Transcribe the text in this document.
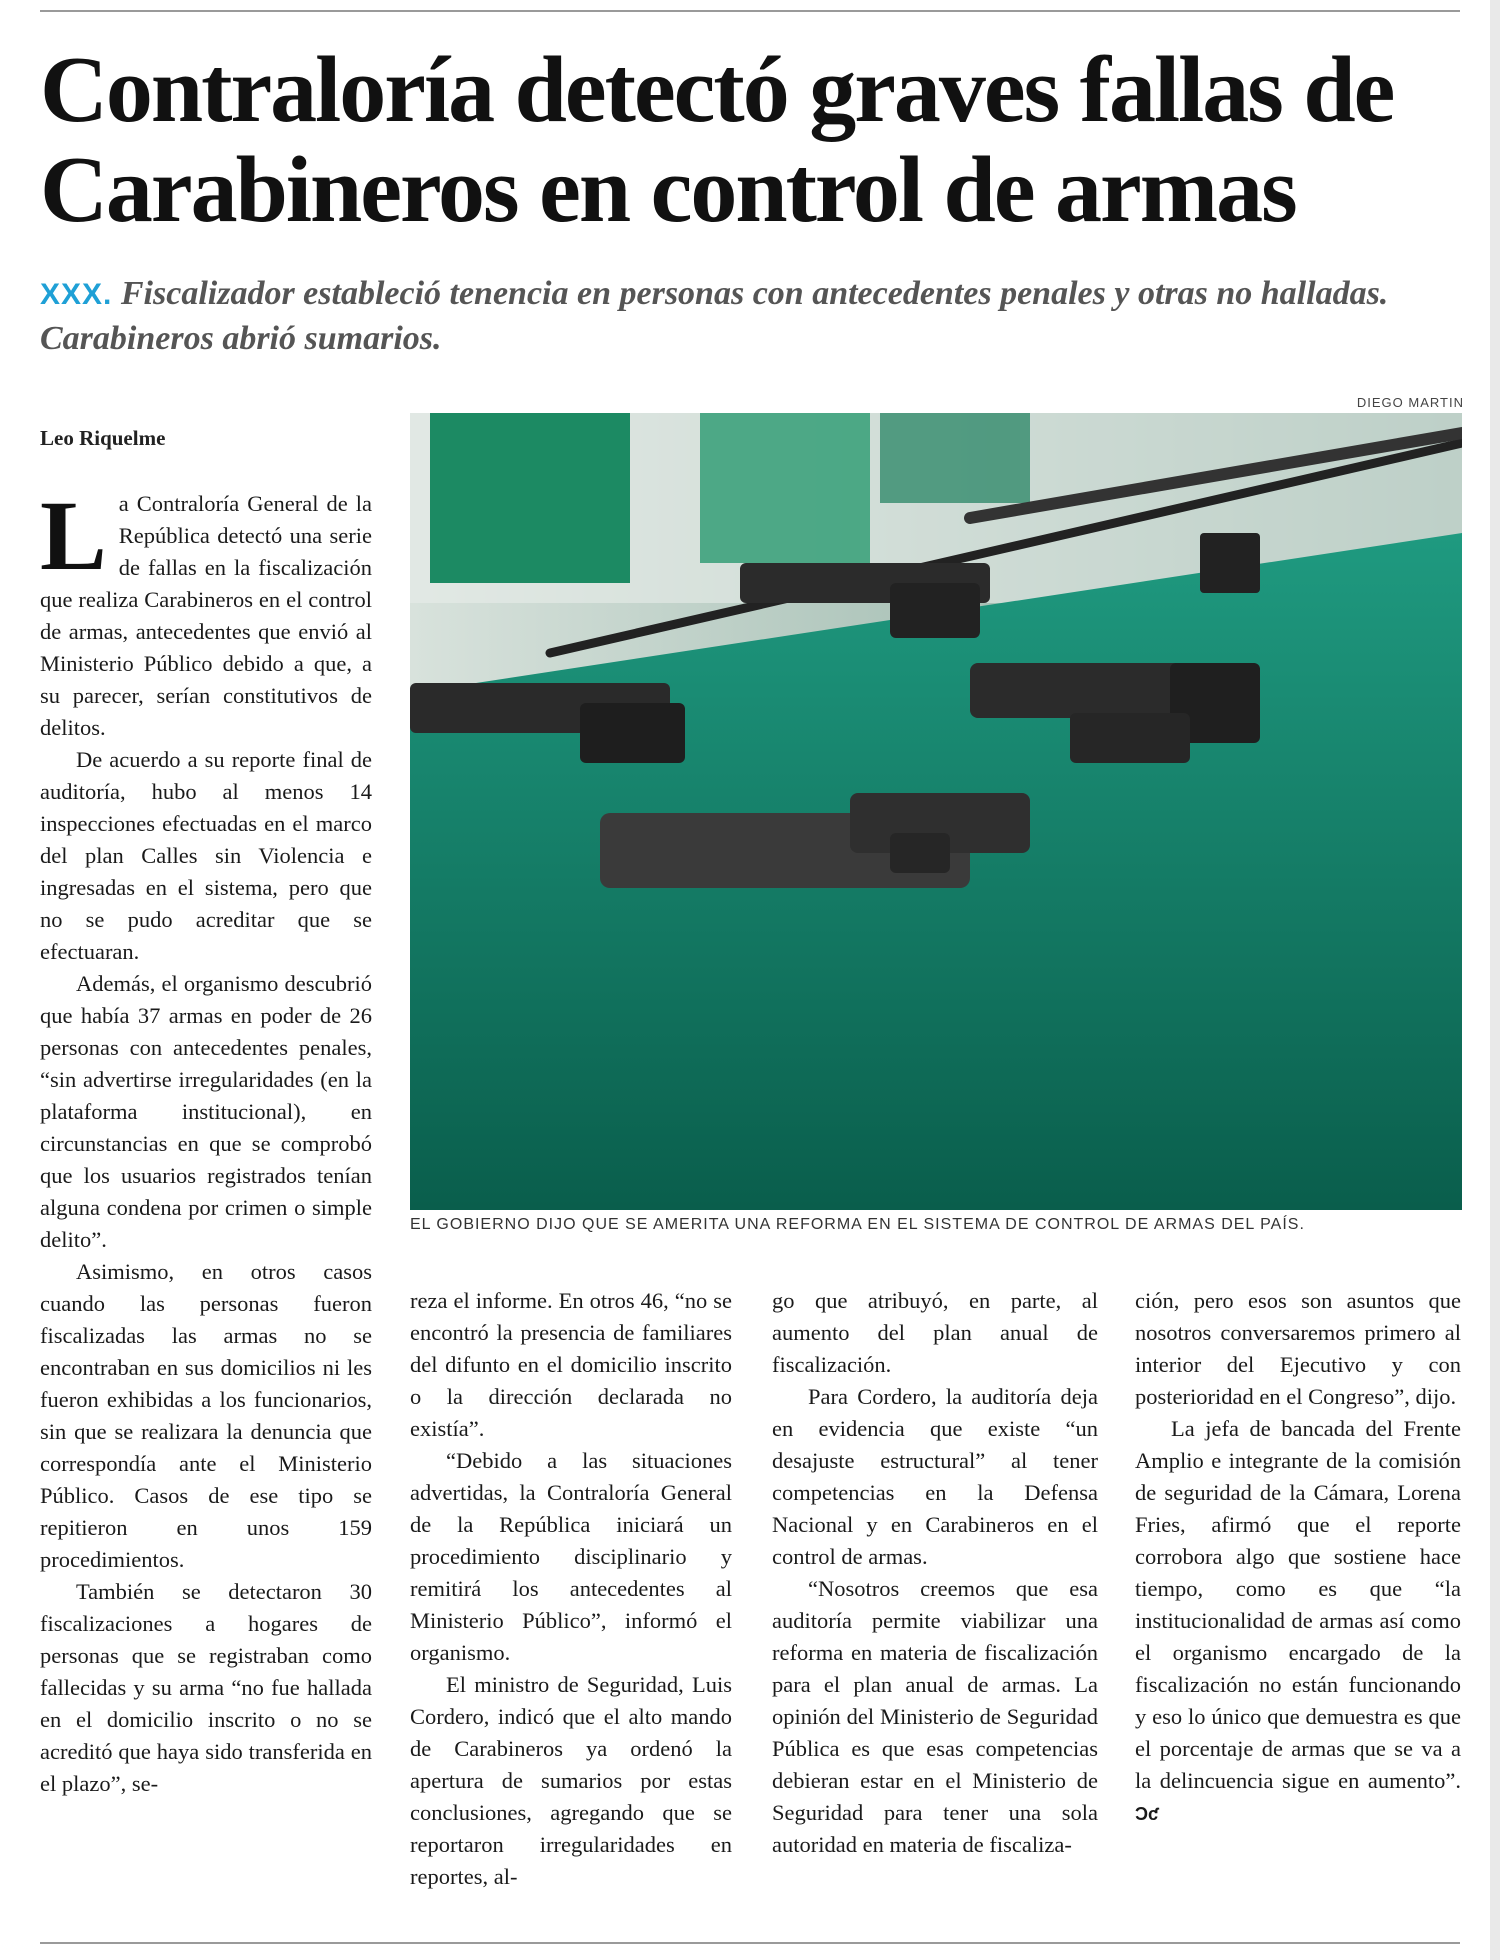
Contraloría detectó graves fallas de Carabineros en control de armas

XXX. Fiscalizador estableció tenencia en personas con antecedentes penales y otras no halladas. Carabineros abrió sumarios.

Leo Riquelme

DIEGO MARTIN
EL GOBIERNO DIJO QUE SE AMERITA UNA REFORMA EN EL SISTEMA DE CONTROL DE ARMAS DEL PAÍS.

La Contraloría General de la República detectó una serie de fallas en la fiscalización que realiza Carabineros en el control de armas, antecedentes que envió al Ministerio Público debido a que, a su parecer, serían constitutivos de delitos.

De acuerdo a su reporte final de auditoría, hubo al menos 14 inspecciones efectuadas en el marco del plan Calles sin Violencia e ingresadas en el sistema, pero que no se pudo acreditar que se efectuaran.

Además, el organismo descubrió que había 37 armas en poder de 26 personas con antecedentes penales, “sin advertirse irregularidades (en la plataforma institucional), en circunstancias en que se comprobó que los usuarios registrados tenían alguna condena por crimen o simple delito”.

Asimismo, en otros casos cuando las personas fueron fiscalizadas las armas no se encontraban en sus domicilios ni les fueron exhibidas a los funcionarios, sin que se realizara la denuncia que correspondía ante el Ministerio Público. Casos de ese tipo se repitieron en unos 159 procedimientos.

También se detectaron 30 fiscalizaciones a hogares de personas que se registraban como fallecidas y su arma “no fue hallada en el domicilio inscrito o no se acreditó que haya sido transferida en el plazo”, se-

reza el informe. En otros 46, “no se encontró la presencia de familiares del difunto en el domicilio inscrito o la dirección declarada no existía”.

“Debido a las situaciones advertidas, la Contraloría General de la República iniciará un procedimiento disciplinario y remitirá los antecedentes al Ministerio Público”, informó el organismo.

El ministro de Seguridad, Luis Cordero, indicó que el alto mando de Carabineros ya ordenó la apertura de sumarios por estas conclusiones, agregando que se reportaron irregularidades en reportes, al-

go que atribuyó, en parte, al aumento del plan anual de fiscalización.

Para Cordero, la auditoría deja en evidencia que existe “un desajuste estructural” al tener competencias en la Defensa Nacional y en Carabineros en el control de armas.

“Nosotros creemos que esa auditoría permite viabilizar una reforma en materia de fiscalización para el plan anual de armas. La opinión del Ministerio de Seguridad Pública es que esas competencias debieran estar en el Ministerio de Seguridad para tener una sola autoridad en materia de fiscaliza-

ción, pero esos son asuntos que nosotros conversaremos primero al interior del Ejecutivo y con posterioridad en el Congreso”, dijo.

La jefa de bancada del Frente Amplio e integrante de la comisión de seguridad de la Cámara, Lorena Fries, afirmó que el reporte corrobora algo que sostiene hace tiempo, como es que “la institucionalidad de armas así como el organismo encargado de la fiscalización no están funcionando y eso lo único que demuestra es que el porcentaje de armas que se va a la delincuencia sigue en aumento”. Ɔƈ
